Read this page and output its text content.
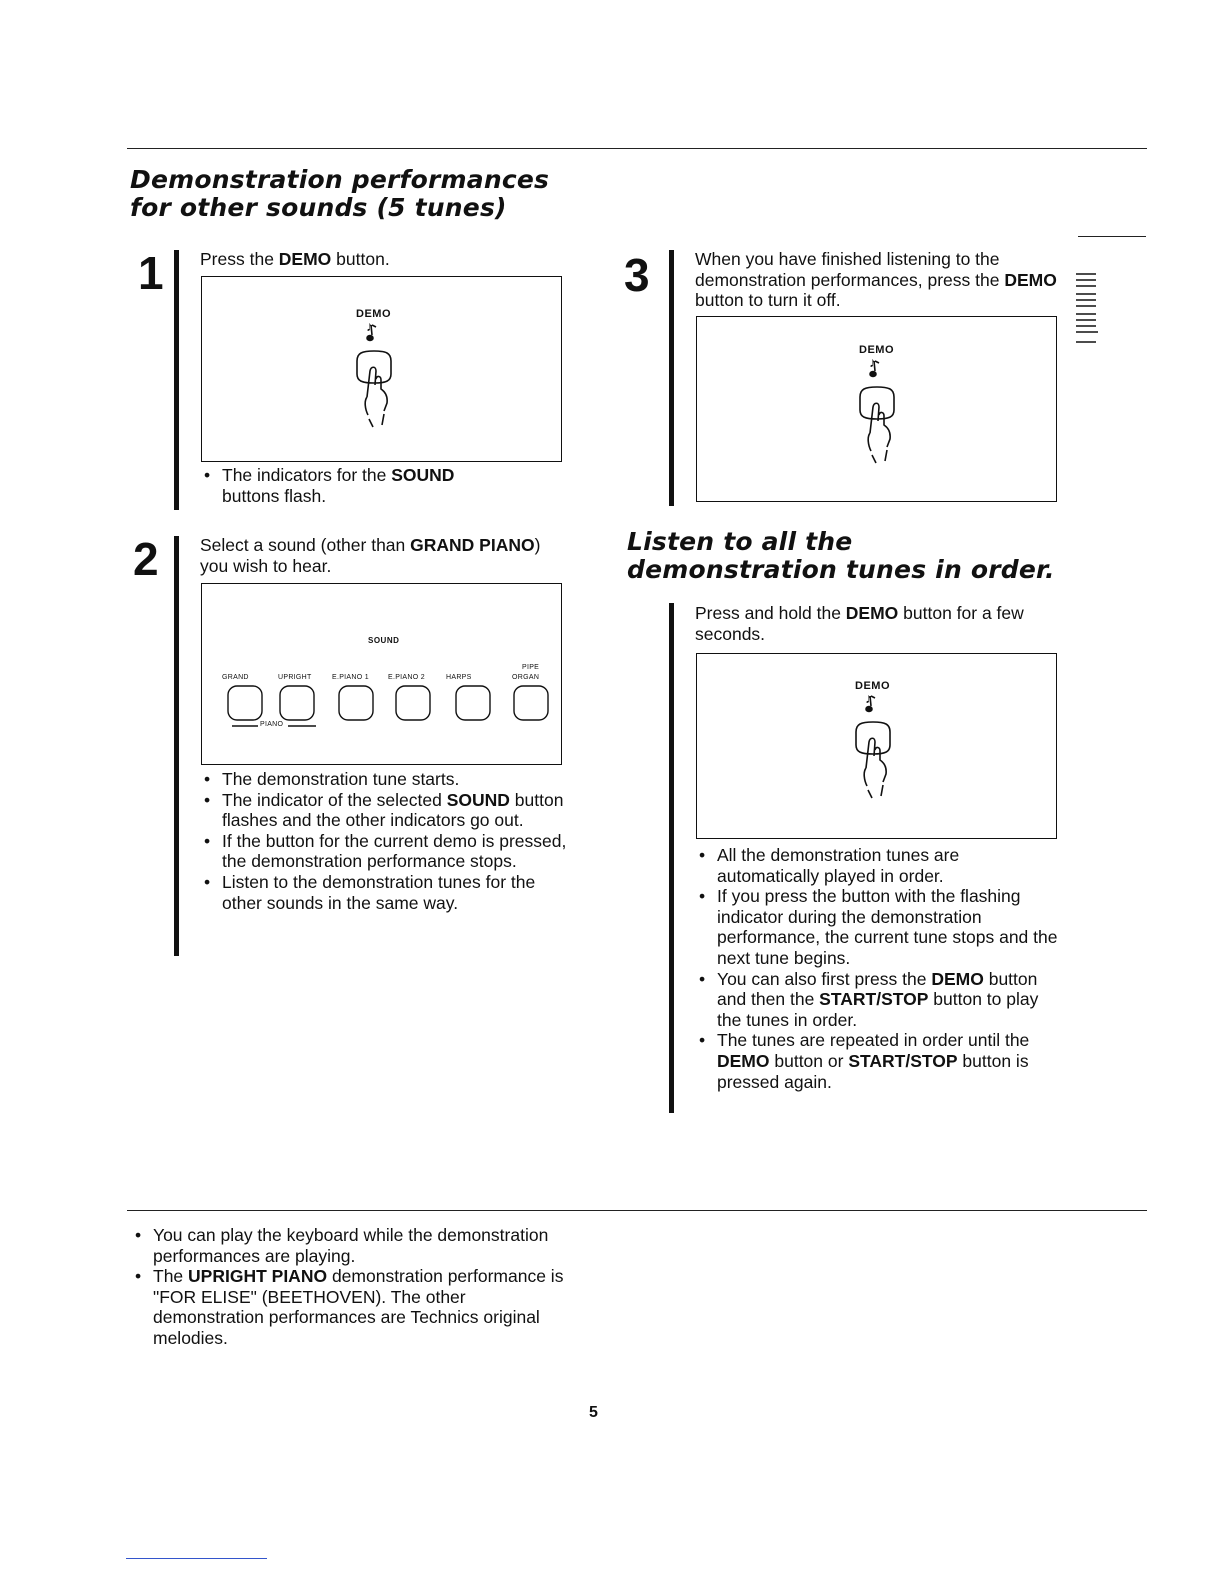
Demonstration performances
for other sounds (5 tunes)
1 Press the DEMO button.

DEMO
♪
• The indicators for the SOUND
buttons flash.
2 Select a sound (other than GRAND PIANO) you wish to hear.

SOUND
PIPE
GRAND	UPRIGHT	E.PIANO 1	E.PIANO 2	HARPS	ORGAN
PIANO
• The demonstration tune starts.
• The indicator of the selected SOUND button flashes and the other indicators go out.
• If the button for the current demo is pressed, the demonstration performance stops.
• Listen to the demonstration tunes for the other sounds in the same way.
3	When you have finished listening to the demonstration performances, press the DEMO button to turn it off.

DEMO
♪
Listen to all the
demonstration tunes in order.

Press and hold the DEMO button for a few seconds.

DEMO
♪
• All the demonstration tunes are automatically played in order.
• If you press the button with the flashing indicator during the demonstration performance, the current tune stops and the next tune begins.
• You can also first press the DEMO button and then the START/STOP button to play the tunes in order.
• The tunes are repeated in order until the DEMO button or START/STOP button is pressed again.
• You can play the keyboard while the demonstration performances are playing.
• The UPRIGHT PIANO demonstration performance is "FOR ELISE" (BEETHOVEN). The other demonstration performances are Technics original melodies.
5
